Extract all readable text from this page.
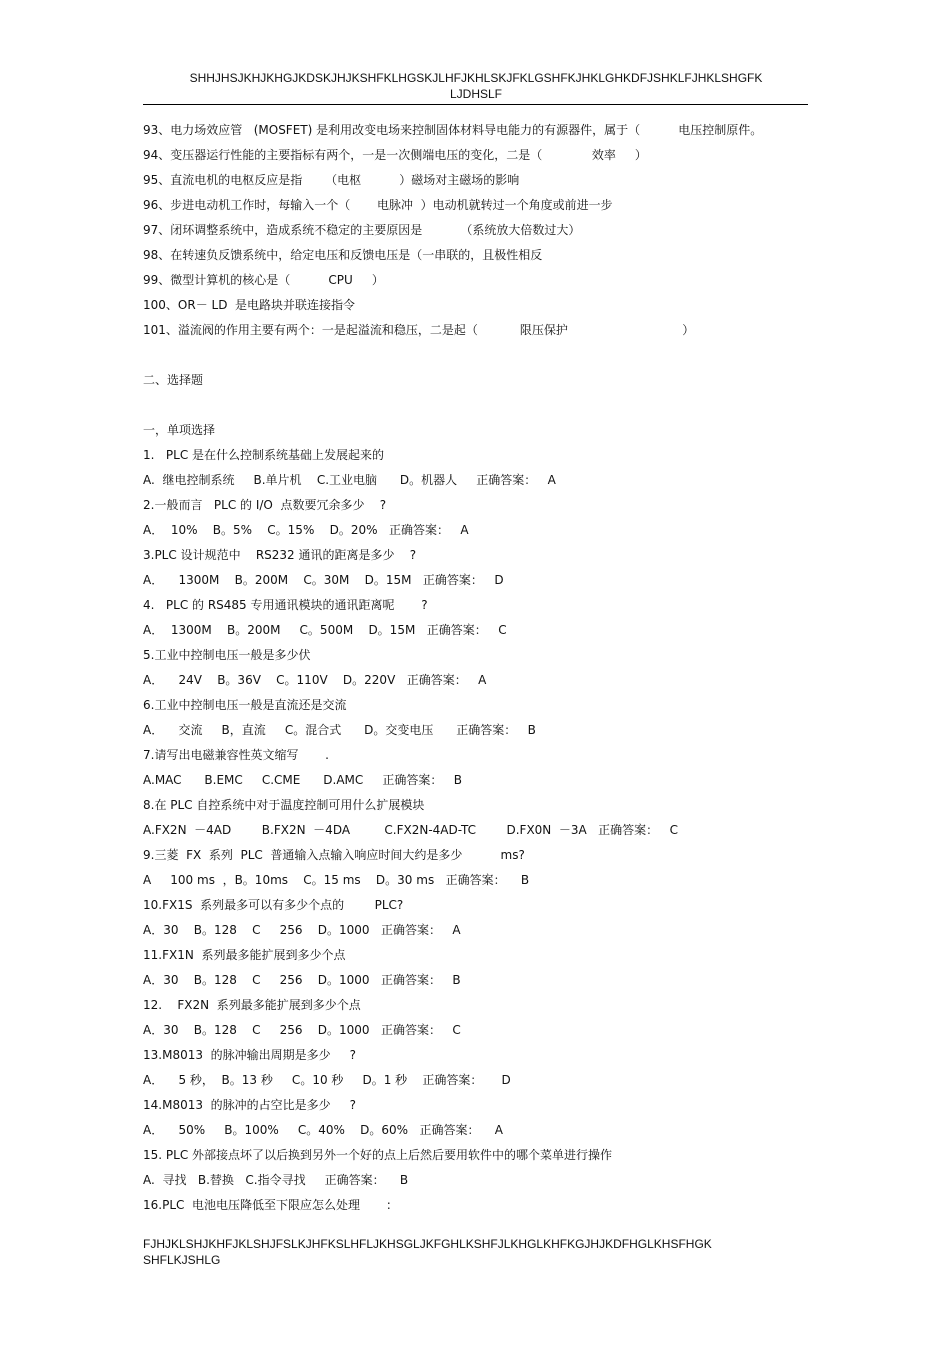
SHHJHSJKHJKHGJKDSKJHJKSHFKLHGSKJLHFJKHLSKJFKLGSHFKJHKLGHKDFJSHKLFJHKLSHGFK
LJDHSLF
93、电力场效应管   (MOSFET) 是利用改变电场来控制固体材料导电能力的有源器件，属于（          电压控制原件。
94、变压器运行性能的主要指标有两个，一是一次侧端电压的变化，二是（             效率     ）
95、直流电机的电枢反应是指      （电枢          ）磁场对主磁场的影响
96、步进电动机工作时，每输入一个（       电脉冲  ）电动机就转过一个角度或前进一步
97、闭环调整系统中，造成系统不稳定的主要原因是          （系统放大倍数过大）
98、在转速负反馈系统中，给定电压和反馈电压是（一串联的，且极性相反
99、微型计算机的核心是（          CPU     ）
100、OR－ LD  是电路块并联连接指令
101、溢流阀的作用主要有两个：一是起溢流和稳压，二是起（           限压保护                              ）
二、选择题
一，单项选择
1.   PLC 是在什么控制系统基础上发展起来的
A.  继电控制系统     B.单片机    C.工业电脑      D。机器人     正确答案：   A
2.一般而言   PLC 的 I/O  点数要冗余多少    ?
A．  10%    B。5%    C。15%    D。20%   正确答案：   A
3.PLC 设计规范中    RS232 通讯的距离是多少    ?
A．    1300M    B。200M    C。30M    D。15M   正确答案：   D
4.   PLC 的 RS485 专用通讯模块的通讯距离呢       ?
A．  1300M    B。200M     C。500M    D。15M   正确答案：   C
5.工业中控制电压一般是多少伏
A．    24V    B。36V    C。110V    D。220V   正确答案：   A
6.工业中控制电压一般是直流还是交流
A．    交流     B，直流     C。混合式      D。交变电压      正确答案：   B
7.请写出电磁兼容性英文缩写       .
A.MAC      B.EMC     C.CME      D.AMC     正确答案：   B
8.在 PLC 自控系统中对于温度控制可用什么扩展模块
A.FX2N  －4AD        B.FX2N  －4DA         C.FX2N-4AD-TC        D.FX0N  －3A   正确答案：   C
9.三菱  FX  系列  PLC  普通输入点输入响应时间大约是多少          ms?
A     100 ms  ，B。10ms    C。15 ms    D。30 ms   正确答案：    B
10.FX1S  系列最多可以有多少个点的        PLC?
A．30    B。128    C     256    D。1000   正确答案：   A
11.FX1N  系列最多能扩展到多少个点
A．30    B。128    C     256    D。1000   正确答案：   B
12.    FX2N  系列最多能扩展到多少个点
A．30    B。128    C     256    D。1000   正确答案：   C
13.M8013  的脉冲输出周期是多少     ?
A．    5 秒，  B。13 秒     C。10 秒     D。1 秒    正确答案：     D
14.M8013  的脉冲的占空比是多少     ?
A．    50%     B。100%     C。40%    D。60%   正确答案：    A
15. PLC 外部接点坏了以后换到另外一个好的点上后然后要用软件中的哪个菜单进行操作
A.  寻找   B.替换   C.指令寻找     正确答案：    B
16.PLC  电池电压降低至下限应怎么处理       :
FJHJKLSHJKHFJKLSHJFSLKJHFKSLHFLJKHSGLJKFGHLKSHFJLKHGLKHFKGJHJKDFHGLKHSFHGK
SHFLKJSHLG
